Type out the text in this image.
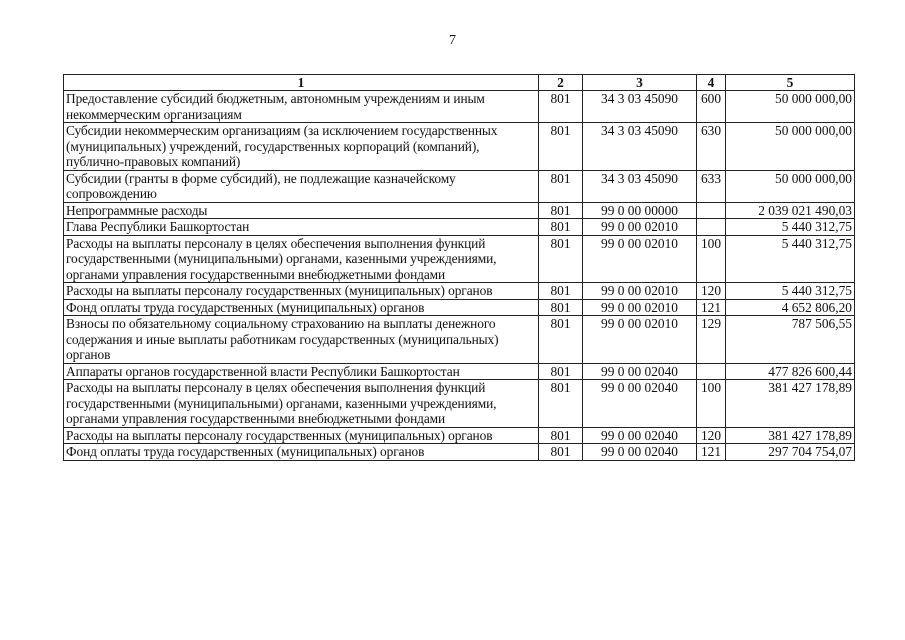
7
1	2	3	4	5
Предоставление субсидий бюджетным, автономным учреждениям и иным некоммерческим организациям	801	34 3 03 45090	600	50 000 000,00
Субсидии некоммерческим организациям (за исключением государственных (муниципальных) учреждений, государственных корпораций (компаний), публично-правовых компаний)	801	34 3 03 45090	630	50 000 000,00
Субсидии (гранты в форме субсидий), не подлежащие казначейскому сопровождению	801	34 3 03 45090	633	50 000 000,00
Непрограммные расходы	801	99 0 00 00000		2 039 021 490,03
Глава Республики Башкортостан	801	99 0 00 02010		5 440 312,75
Расходы на выплаты персоналу в целях обеспечения выполнения функций государственными (муниципальными) органами, казенными учреждениями, органами управления государственными внебюджетными фондами	801	99 0 00 02010	100	5 440 312,75
Расходы на выплаты персоналу государственных (муниципальных) органов	801	99 0 00 02010	120	5 440 312,75
Фонд оплаты труда государственных (муниципальных) органов	801	99 0 00 02010	121	4 652 806,20
Взносы по обязательному социальному страхованию на выплаты денежного содержания и иные выплаты работникам государственных (муниципальных) органов	801	99 0 00 02010	129	787 506,55
Аппараты органов государственной власти Республики Башкортостан	801	99 0 00 02040		477 826 600,44
Расходы на выплаты персоналу в целях обеспечения выполнения функций государственными (муниципальными) органами, казенными учреждениями, органами управления государственными внебюджетными фондами	801	99 0 00 02040	100	381 427 178,89
Расходы на выплаты персоналу государственных (муниципальных) органов	801	99 0 00 02040	120	381 427 178,89
Фонд оплаты труда государственных (муниципальных) органов	801	99 0 00 02040	121	297 704 754,07
